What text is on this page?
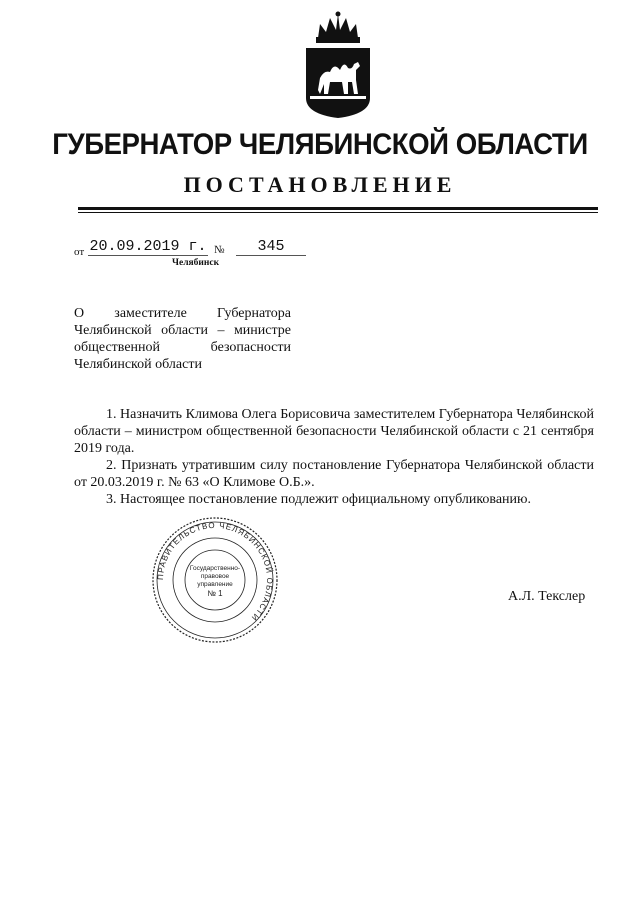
ГУБЕРНАТОР ЧЕЛЯБИНСКОЙ ОБЛАСТИ
ПОСТАНОВЛЕНИЕ
от 20.09.2019 г. №	345
Челябинск
О заместителе Губернатора
Челябинской области – министре
общественной безопасности
Челябинской области
1. Назначить Климова Олега Борисовича заместителем Губернатора Челябинской области – министром общественной безопасности Челябинской области с 21 сентября 2019 года.
2. Признать утратившим силу постановление Губернатора Челябинской области от 20.03.2019 г. № 63 «О Климове О.Б.».
3. Настоящее постановление подлежит официальному опубликованию.
ПРАВИТЕЛЬСТВО ЧЕЛЯБИНСКОЙ ОБЛАСТИ
Государственно-
правовое
управление
№ 1	А.Л. Текслер
